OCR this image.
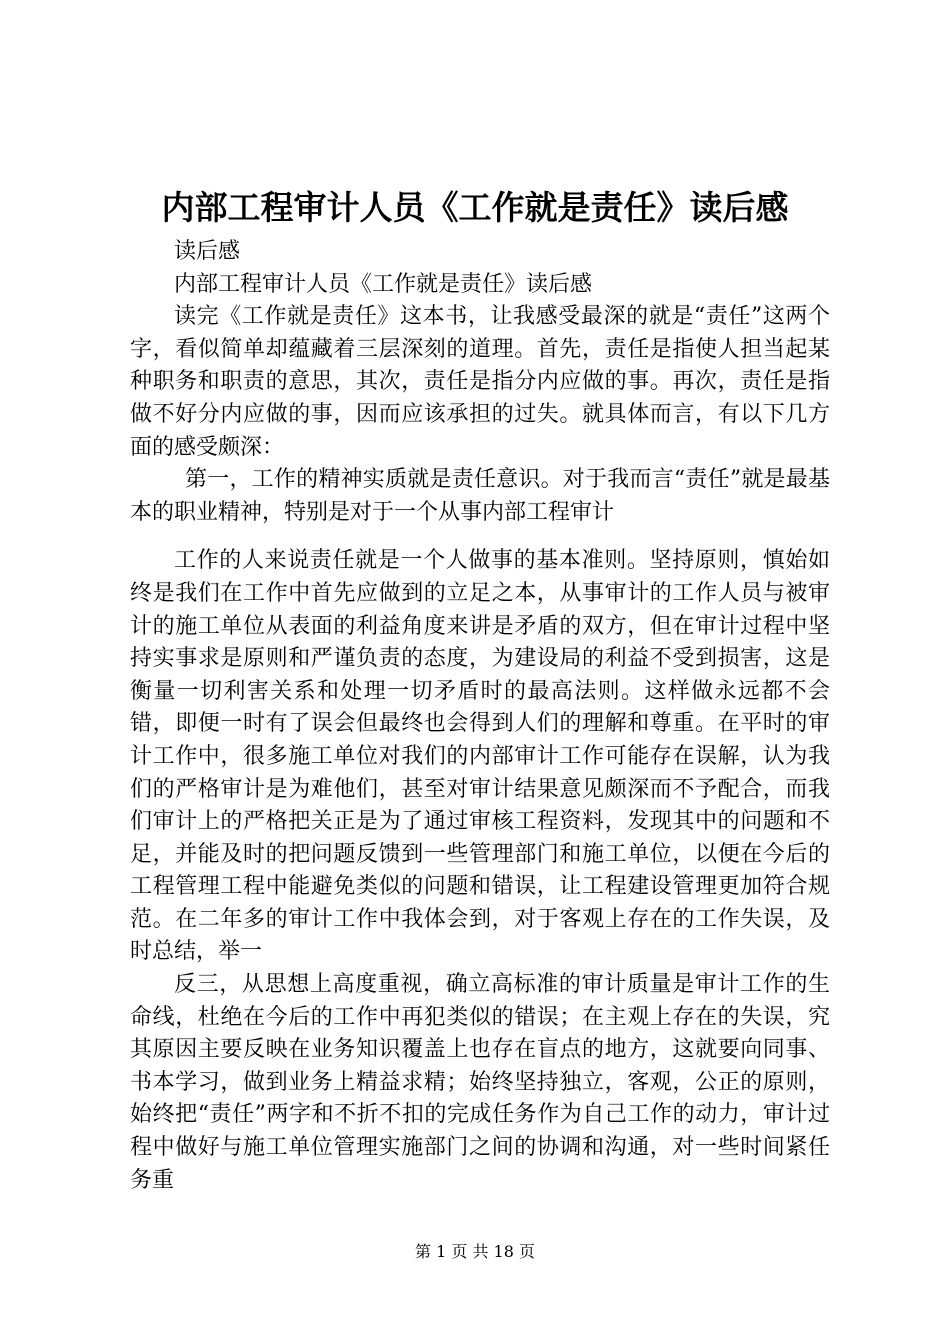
内部工程审计人员《工作就是责任》读后感

读后感

内部工程审计人员《工作就是责任》读后感

读完《工作就是责任》这本书，让我感受最深的就是“责任”这两个字，看似简单却蕴藏着三层深刻的道理。首先，责任是指使人担当起某种职务和职责的意思，其次，责任是指分内应做的事。再次，责任是指做不好分内应做的事，因而应该承担的过失。就具体而言，有以下几方面的感受颇深：

第一，工作的精神实质就是责任意识。对于我而言“责任”就是最基本的职业精神，特别是对于一个从事内部工程审计

工作的人来说责任就是一个人做事的基本准则。坚持原则，慎始如终是我们在工作中首先应做到的立足之本，从事审计的工作人员与被审计的施工单位从表面的利益角度来讲是矛盾的双方，但在审计过程中坚持实事求是原则和严谨负责的态度，为建设局的利益不受到损害，这是衡量一切利害关系和处理一切矛盾时的最高法则。这样做永远都不会错，即便一时有了误会但最终也会得到人们的理解和尊重。在平时的审计工作中，很多施工单位对我们的内部审计工作可能存在误解，认为我们的严格审计是为难他们，甚至对审计结果意见颇深而不予配合，而我们审计上的严格把关正是为了通过审核工程资料，发现其中的问题和不足，并能及时的把问题反馈到一些管理部门和施工单位，以便在今后的工程管理工程中能避免类似的问题和错误，让工程建设管理更加符合规范。在二年多的审计工作中我体会到，对于客观上存在的工作失误，及时总结，举一

反三，从思想上高度重视，确立高标准的审计质量是审计工作的生命线，杜绝在今后的工作中再犯类似的错误；在主观上存在的失误，究其原因主要反映在业务知识覆盖上也存在盲点的地方，这就要向同事、书本学习，做到业务上精益求精；始终坚持独立，客观，公正的原则，始终把“责任”两字和不折不扣的完成任务作为自己工作的动力，审计过程中做好与施工单位管理实施部门之间的协调和沟通，对一些时间紧任务重

第 1 页 共 18 页
